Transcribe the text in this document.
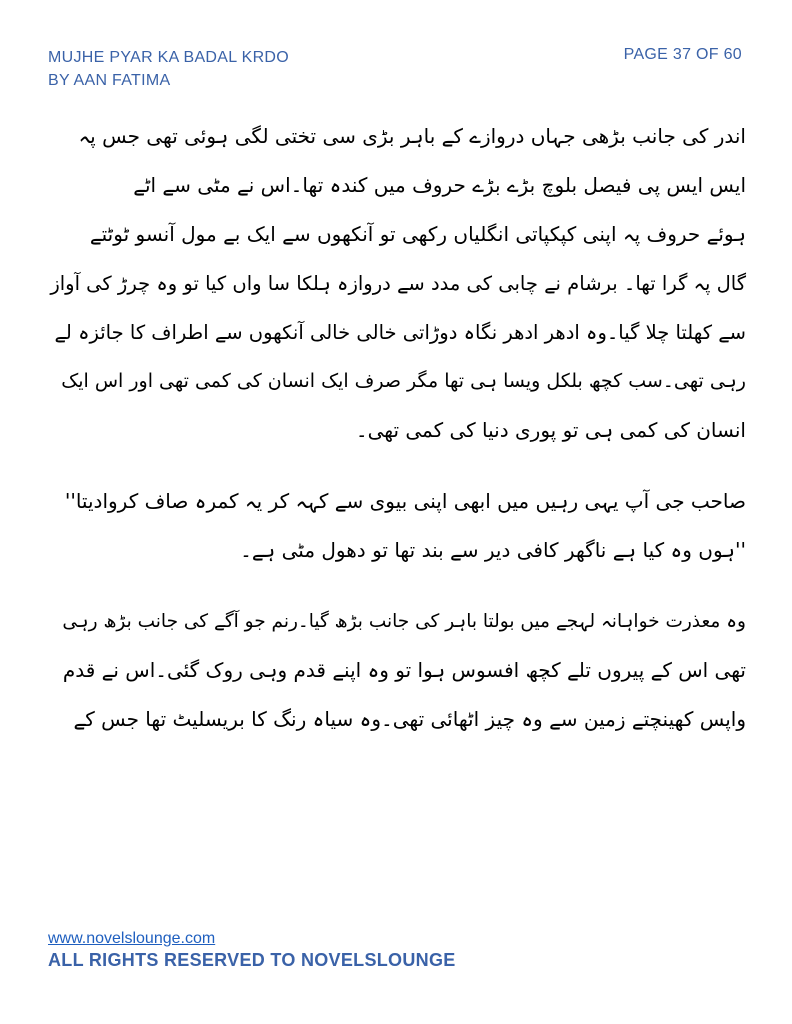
MUJHE PYAR KA BADAL KRDO
BY AAN FATIMA
PAGE 37 OF 60
اندر کی جانب بڑھی جہاں دروازے کے باہر بڑی سی تختی لگی ہوئی تھی جس پہ
ایس ایس پی فیصل بلوچ بڑے بڑے حروف میں کندہ تھا۔اس نے مٹی سے اٹے
ہوئے حروف پہ اپنی کپکپاتی انگلیاں رکھی تو آنکھوں سے ایک بے مول آنسو ٹوٹتے
گال پہ گرا تھا۔ برشام نے چابی کی مدد سے دروازہ ہلکا سا واں کیا تو وہ چرڑ کی آواز
سے کھلتا چلا گیا۔وہ ادھر ادھر نگاہ دوڑاتی خالی خالی آنکھوں سے اطراف کا جائزہ لے
رہی تھی۔سب کچھ بلکل ویسا ہی تھا مگر صرف ایک انسان کی کمی تھی اور اس ایک
انسان کی کمی ہی تو پوری دنیا کی کمی تھی۔
صاحب جی آپ یہی رہیں میں ابھی اپنی بیوی سے کہہ کر یہ کمرہ صاف کروادیتا''
''ہوں وہ کیا ہے ناگھر کافی دیر سے بند تھا تو دھول مٹی ہے۔
وہ معذرت خواہانہ لہجے میں بولتا باہر کی جانب بڑھ گیا۔رنم جو آگے کی جانب بڑھ رہی
تھی اس کے پیروں تلے کچھ افسوس ہوا تو وہ اپنے قدم وہی روک گئی۔اس نے قدم
واپس کھینچتے زمین سے وہ چیز اٹھائی تھی۔وہ سیاہ رنگ کا بریسلیٹ تھا جس کے
www.novelslounge.com
ALL RIGHTS RESERVED TO NOVELSLOUNGE
